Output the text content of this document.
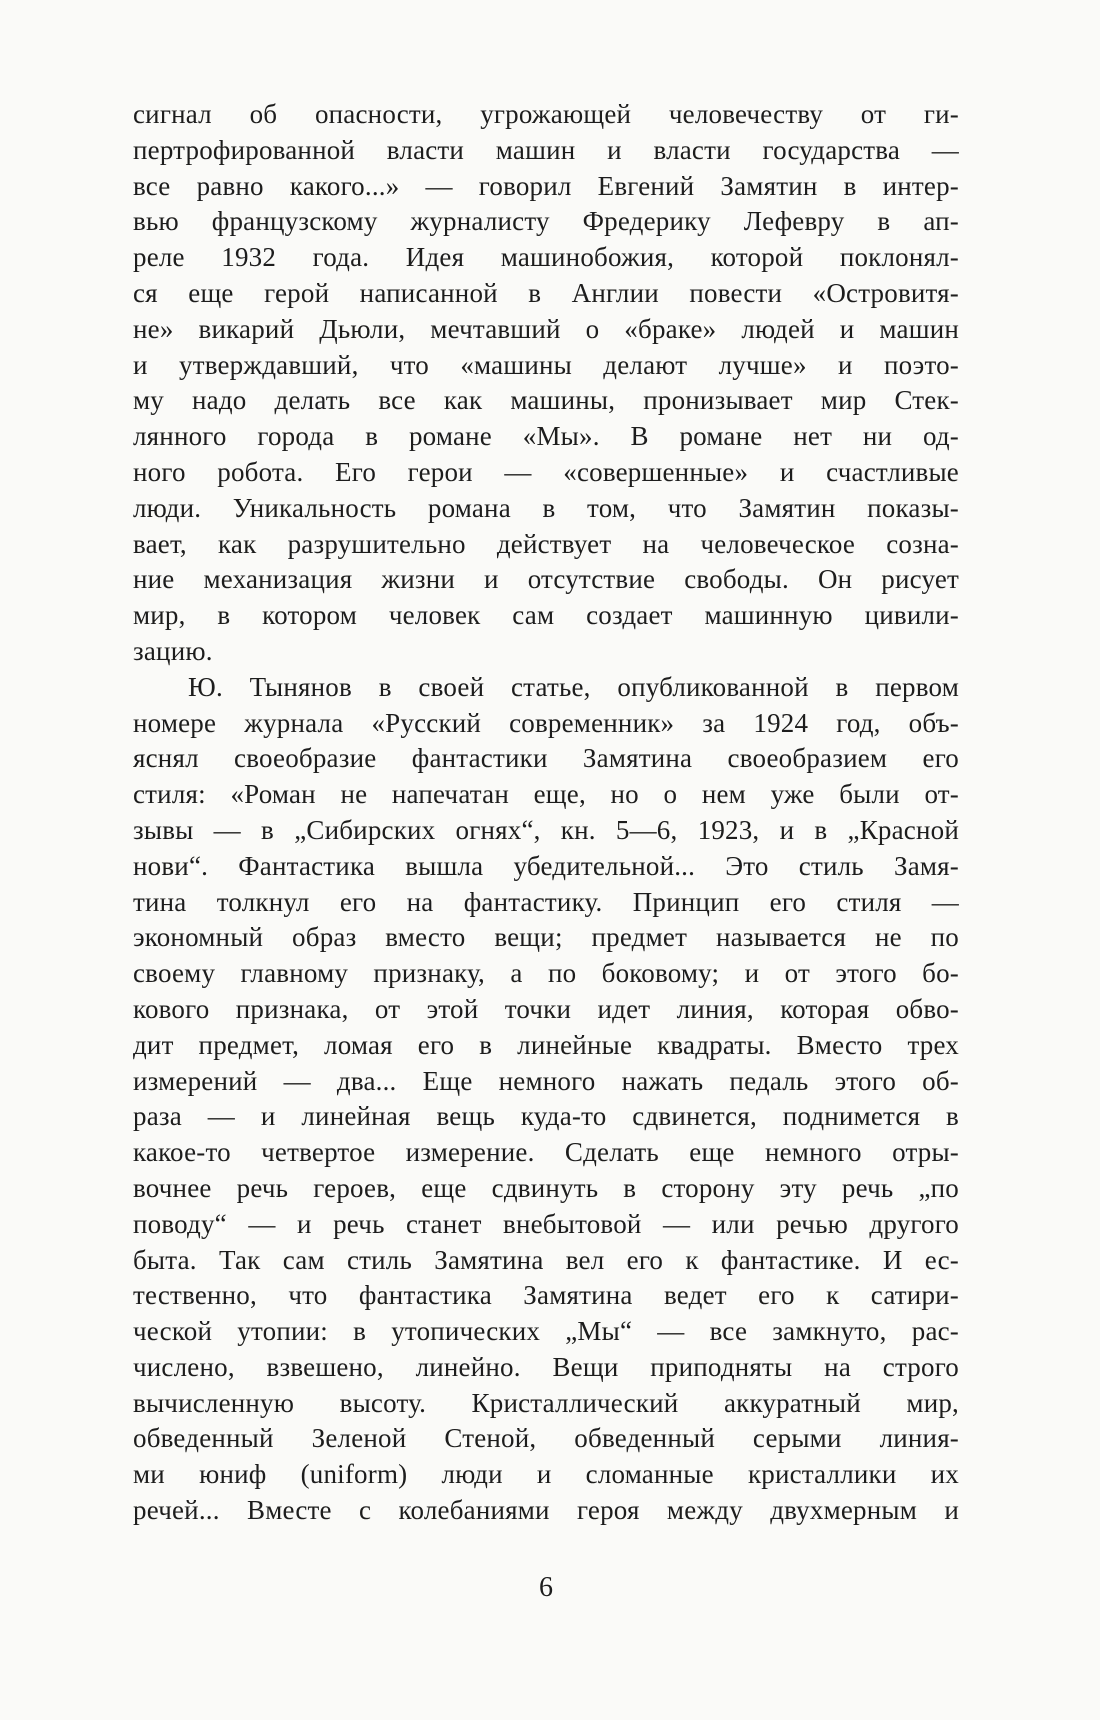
сигнал об опасности, угрожающей человечеству от ги-
пертрофированной власти машин и власти государства —
все равно какого...» — говорил Евгений Замятин в интер-
вью французскому журналисту Фредерику Лефевру в ап-
реле 1932 года. Идея машинобожия, которой поклонял-
ся еще герой написанной в Англии повести «Островитя-
не» викарий Дьюли, мечтавший о «браке» людей и машин
и утверждавший, что «машины делают лучше» и поэто-
му надо делать все как машины, пронизывает мир Стек-
лянного города в романе «Мы». В романе нет ни од-
ного робота. Его герои — «совершенные» и счастливые
люди. Уникальность романа в том, что Замятин показы-
вает, как разрушительно действует на человеческое созна-
ние механизация жизни и отсутствие свободы. Он рисует
мир, в котором человек сам создает машинную цивили-
зацию.
Ю. Тынянов в своей статье, опубликованной в первом
номере журнала «Русский современник» за 1924 год, объ-
яснял своеобразие фантастики Замятина своеобразием его
стиля: «Роман не напечатан еще, но о нем уже были от-
зывы — в „Сибирских огнях“, кн. 5—6, 1923, и в „Красной
нови“. Фантастика вышла убедительной... Это стиль Замя-
тина толкнул его на фантастику. Принцип его стиля —
экономный образ вместо вещи; предмет называется не по
своему главному признаку, а по боковому; и от этого бо-
кового признака, от этой точки идет линия, которая обво-
дит предмет, ломая его в линейные квадраты. Вместо трех
измерений — два... Еще немного нажать педаль этого об-
раза — и линейная вещь куда-то сдвинется, поднимется в
какое-то четвертое измерение. Сделать еще немного отры-
вочнее речь героев, еще сдвинуть в сторону эту речь „по
поводу“ — и речь станет внебытовой — или речью другого
быта. Так сам стиль Замятина вел его к фантастике. И ес-
тественно, что фантастика Замятина ведет его к сатири-
ческой утопии: в утопических „Мы“ — все замкнуто, рас-
числено, взвешено, линейно. Вещи приподняты на строго
вычисленную высоту. Кристаллический аккуратный мир,
обведенный Зеленой Стеной, обведенный серыми линия-
ми юниф (uniform) люди и сломанные кристаллики их
речей... Вместе с колебаниями героя между двухмерным и
6
